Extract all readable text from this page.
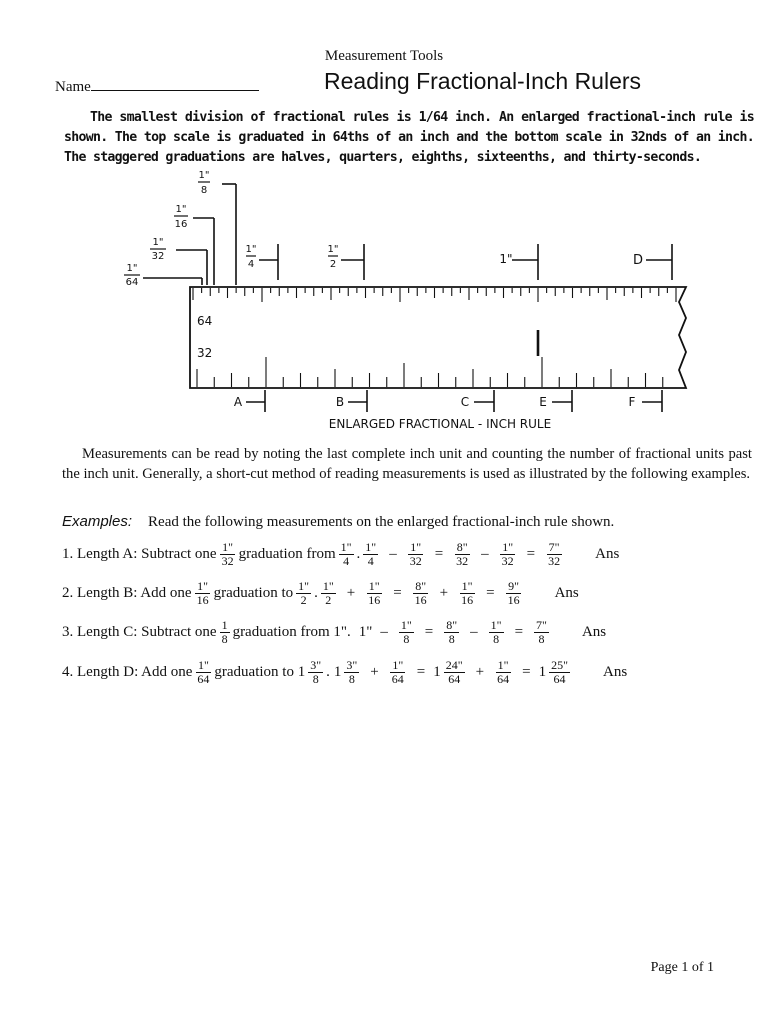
Measurement Tools
Name	Reading Fractional-Inch Rulers
The smallest division of fractional rules is 1/64 inch. An enlarged fractional-inch rule is shown. The top scale is graduated in 64ths of an inch and the bottom scale in 32nds of an inch. The staggered graduations are halves, quarters, eighths, sixteenths, and thirty-seconds.
1"
8
1"
16
1"
32
1"
64
1"
4
1"
2	1"	D
64
32
A	B	C	E	F
ENLARGED FRACTIONAL - INCH RULE
Measurements can be read by noting the last complete inch unit and counting the number of fractional units past the inch unit. Generally, a short-cut method of reading measurements is used as illustrated by the following examples.
Examples: Read the following measurements on the enlarged fractional-inch rule shown.
1. Length A: Subtract one $\frac{1"}{32}$ graduation from $\frac{1"}{4}$ . $\frac{1"}{4} - \frac{1"}{32} = \frac{8"}{32} - \frac{1"}{32} = \frac{7"}{32}$ Ans
2. Length B: Add one $\frac{1"}{16}$ graduation to $\frac{1"}{2}$ . $\frac{1"}{2} + \frac{1"}{16} = \frac{8"}{16} + \frac{1"}{16} = \frac{9"}{16}$ Ans
3. Length C: Subtract one $\frac{1}{8}$ graduation from 1". 1" – $\frac{1"}{8} = \frac{8"}{8} - \frac{1"}{8} = \frac{7"}{8}$ Ans
4. Length D: Add one $\frac{1"}{64}$ graduation to $1 \frac{3"}{8}$ . $1 \frac{3"}{8} + \frac{1"}{64} = 1 \frac{24"}{64} + \frac{1"}{64} = 1 \frac{25"}{64}$ Ans
Page 1 of 1
